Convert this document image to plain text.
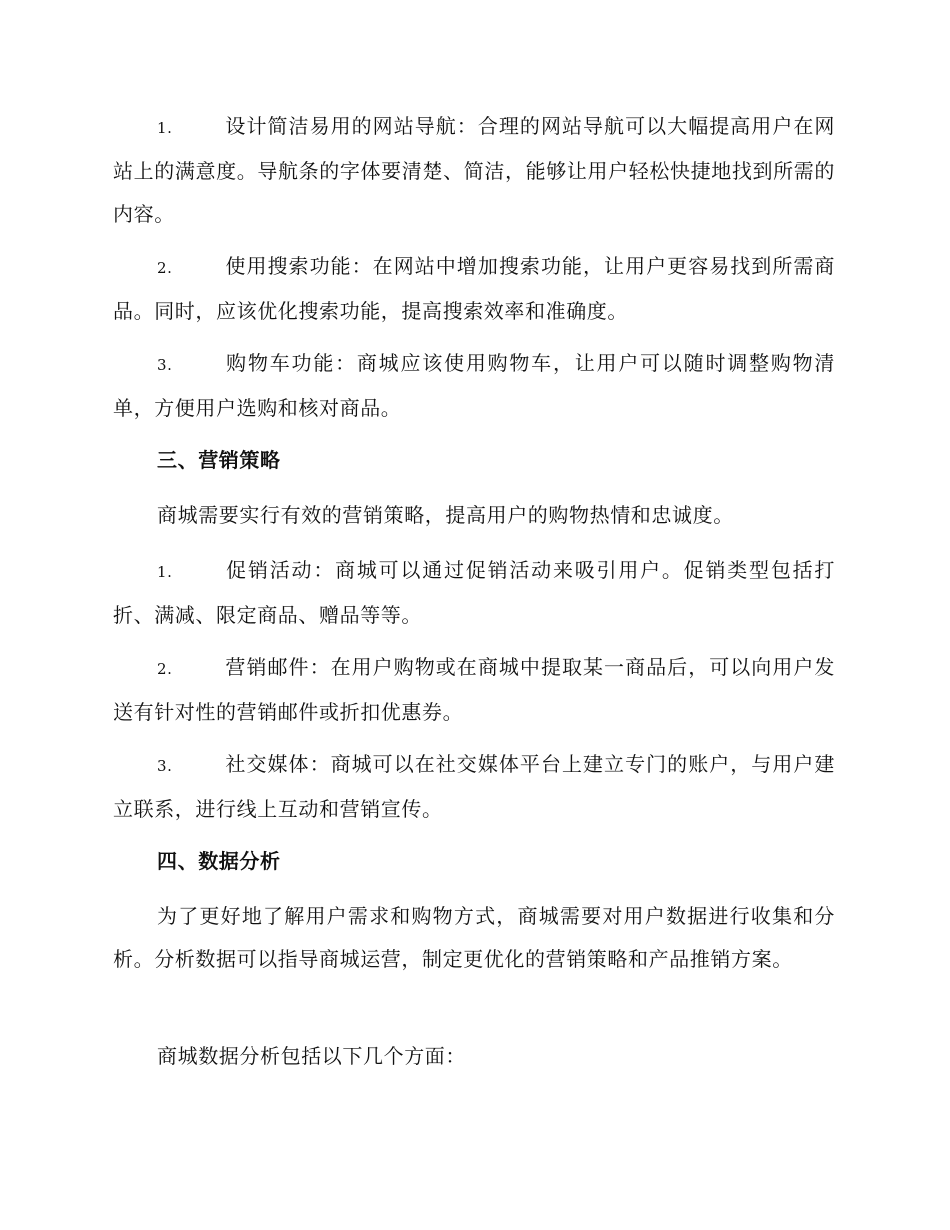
1.	设计简洁易用的网站导航：合理的网站导航可以大幅提高用户在网站上的满意度。导航条的字体要清楚、简洁，能够让用户轻松快捷地找到所需的内容。
2.	使用搜索功能：在网站中增加搜索功能，让用户更容易找到所需商品。同时，应该优化搜索功能，提高搜索效率和准确度。
3.	购物车功能：商城应该使用购物车，让用户可以随时调整购物清单，方便用户选购和核对商品。
三、营销策略
商城需要实行有效的营销策略，提高用户的购物热情和忠诚度。
1.	促销活动：商城可以通过促销活动来吸引用户。促销类型包括打折、满减、限定商品、赠品等等。
2.	营销邮件：在用户购物或在商城中提取某一商品后，可以向用户发送有针对性的营销邮件或折扣优惠券。
3.	社交媒体：商城可以在社交媒体平台上建立专门的账户，与用户建立联系，进行线上互动和营销宣传。
四、数据分析
为了更好地了解用户需求和购物方式，商城需要对用户数据进行收集和分析。分析数据可以指导商城运营，制定更优化的营销策略和产品推销方案。
商城数据分析包括以下几个方面：
